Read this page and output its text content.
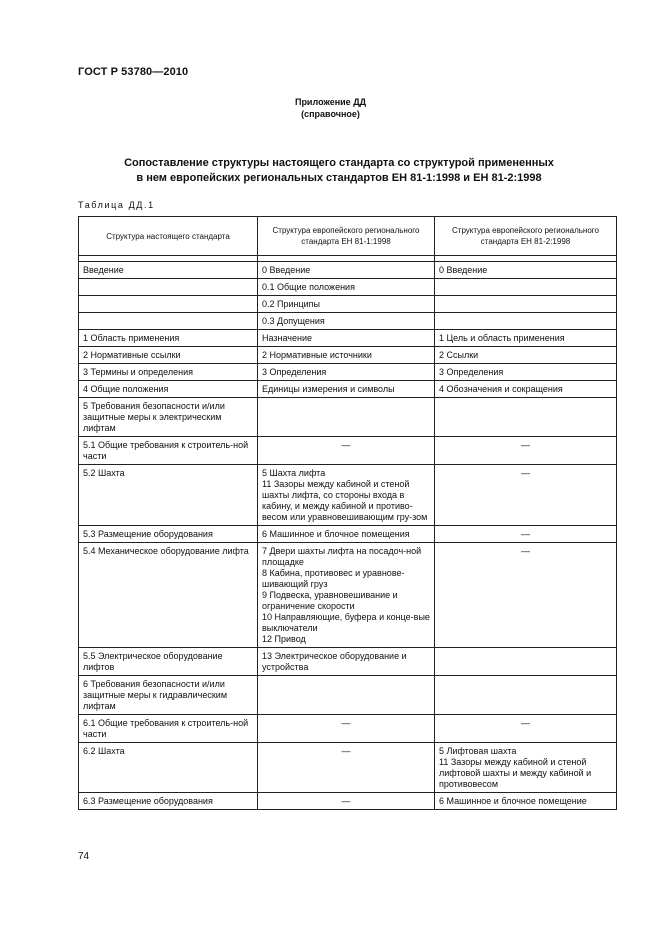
ГОСТ Р 53780—2010
Приложение ДД
(справочное)
Сопоставление структуры настоящего стандарта со структурой примененных
в нем европейских региональных стандартов ЕН 81-1:1998 и ЕН 81-2:1998
Таблица ДД.1
Структура настоящего стандарта	Структура европейского регионального стандарта ЕН 81-1:1998	Структура европейского регионального стандарта ЕН 81-2:1998

Введение	0 Введение	0 Введение

	0.1 Общие положения	

	0.2 Принципы	

	0.3 Допущения	

1 Область применения	Назначение	1 Цель и область применения

2 Нормативные ссылки	2 Нормативные источники	2 Ссылки

3 Термины и определения	3 Определения	3 Определения

4 Общие положения	Единицы измерения и символы	4 Обозначения и сокращения

5 Требования безопасности и/или защитные меры к электрическим лифтам		

5.1 Общие требования к строитель-ной части	—	—

5.2 Шахта	5 Шахта лифта
11 Зазоры между кабиной и стеной шахты лифта, со стороны входа в кабину, и между кабиной и противо-весом или уравновешивающим гру-зом	—

5.3 Размещение оборудования	6 Машинное и блочное помещения	—

5.4 Механическое оборудование лифта	7 Двери шахты лифта на посадоч-ной площадке
8 Кабина, противовес и уравнове-шивающий груз
9 Подвеска, уравновешивание и ограничение скорости
10 Направляющие, буфера и конце-вые выключатели
12 Привод	—

5.5 Электрическое оборудование лифтов	13 Электрическое оборудование и устройства	

6 Требования безопасности и/или защитные меры к гидравлическим лифтам		

6.1 Общие требования к строитель-ной части	—	—

6.2 Шахта	—	5 Лифтовая шахта
11 Зазоры между кабиной и стеной лифтовой шахты и между кабиной и противовесом

6.3 Размещение оборудования	—	6 Машинное и блочное помещение
74
